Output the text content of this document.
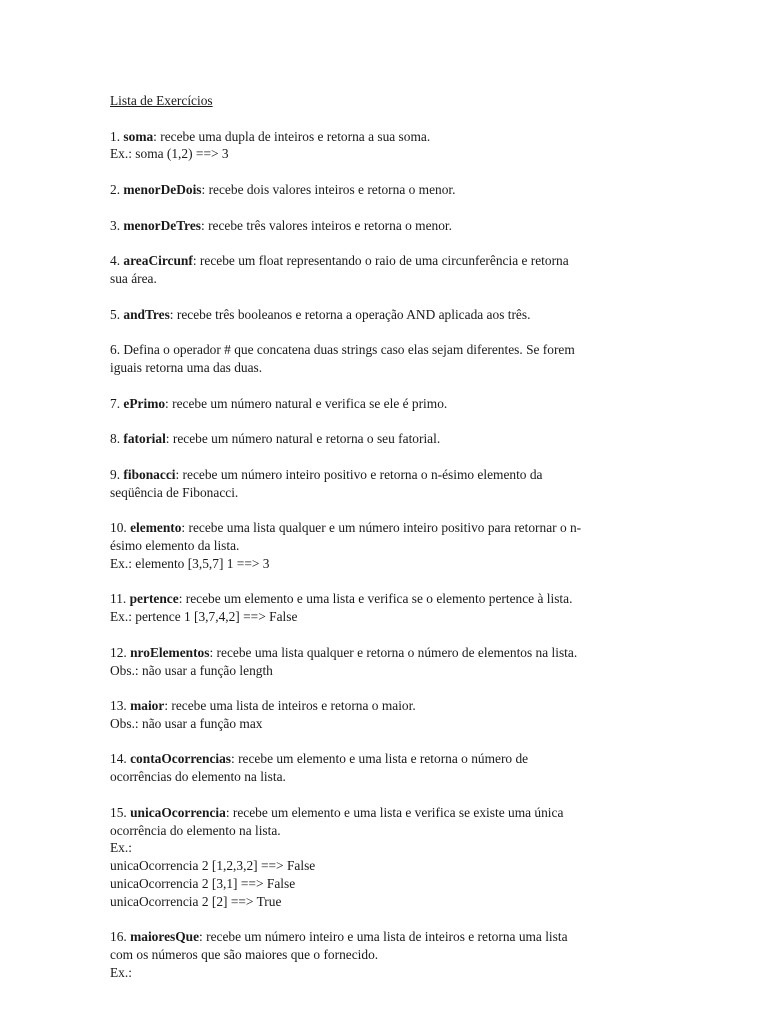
Lista de Exercícios
1. soma: recebe uma dupla de inteiros e retorna a sua soma.
Ex.: soma (1,2) ==> 3
2. menorDeDois: recebe dois valores inteiros e retorna o menor.
3. menorDeTres: recebe três valores inteiros e retorna o menor.
4. areaCircunf: recebe um float representando o raio de uma circunferência e retorna
sua área.
5. andTres: recebe três booleanos e retorna a operação AND aplicada aos três.
6. Defina o operador # que concatena duas strings caso elas sejam diferentes. Se forem
iguais retorna uma das duas.
7. ePrimo: recebe um número natural e verifica se ele é primo.
8. fatorial: recebe um número natural e retorna o seu fatorial.
9. fibonacci: recebe um número inteiro positivo e retorna o n-ésimo elemento da
seqüência de Fibonacci.
10. elemento: recebe uma lista qualquer e um número inteiro positivo para retornar o n-
ésimo elemento da lista.
Ex.: elemento [3,5,7] 1 ==> 3
11. pertence: recebe um elemento e uma lista e verifica se o elemento pertence à lista.
Ex.: pertence 1 [3,7,4,2] ==> False
12. nroElementos: recebe uma lista qualquer e retorna o número de elementos na lista.
Obs.: não usar a função length
13. maior: recebe uma lista de inteiros e retorna o maior.
Obs.: não usar a função max
14. contaOcorrencias: recebe um elemento e uma lista e retorna o número de
ocorrências do elemento na lista.
15. unicaOcorrencia: recebe um elemento e uma lista e verifica se existe uma única
ocorrência do elemento na lista.
Ex.:
unicaOcorrencia 2 [1,2,3,2] ==> False
unicaOcorrencia 2 [3,1] ==> False
unicaOcorrencia 2 [2] ==> True
16. maioresQue: recebe um número inteiro e uma lista de inteiros e retorna uma lista
com os números que são maiores que o fornecido.
Ex.:
